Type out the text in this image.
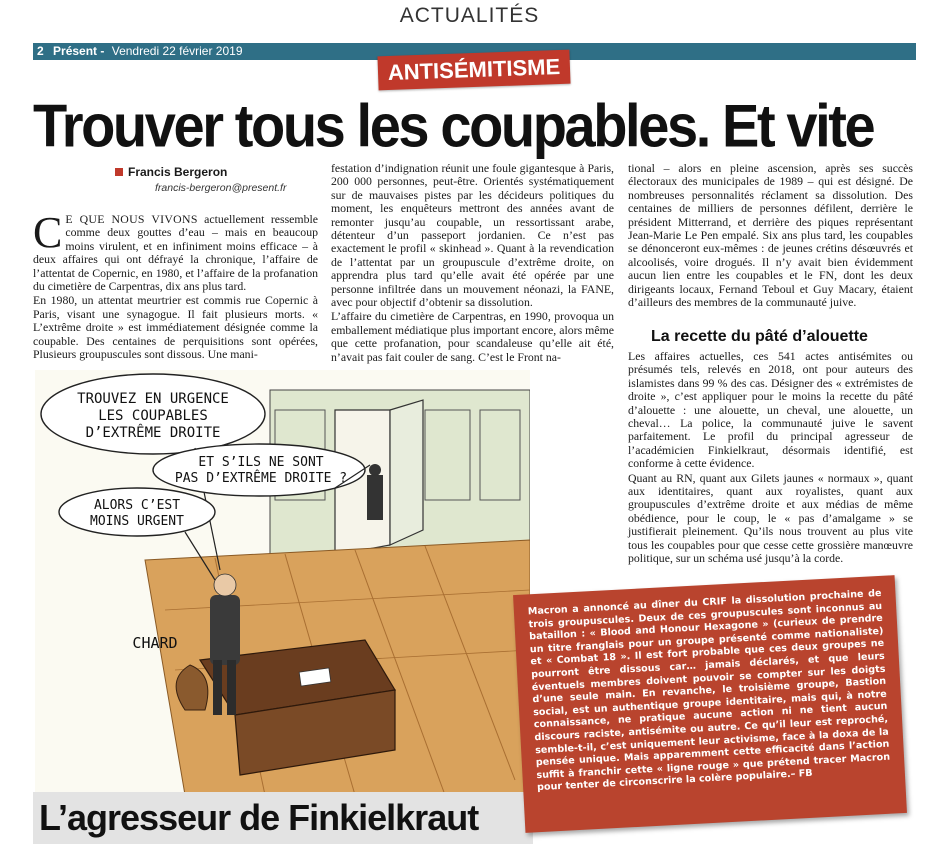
ACTUALITÉS
2 Présent - Vendredi 22 février 2019
ANTISÉMITISME
Trouver tous les coupables. Et vite
Francis Bergeron
francis-bergeron@present.fr

C E QUE NOUS VIVONS actuellement ressemble comme deux gouttes d’eau – mais en beaucoup moins virulent, et en infiniment moins efficace – à deux affaires qui ont défrayé la chronique, l’affaire de l’attentat de Copernic, en 1980, et l’affaire de la profanation du cimetière de Carpentras, dix ans plus tard.

En 1980, un attentat meurtrier est commis rue Copernic à Paris, visant une synagogue. Il fait plusieurs morts. « L’extrême droite » est immédiatement désignée comme la coupable. Des centaines de perquisitions sont opérées, Plusieurs groupuscules sont dissous. Une mani-

festation d’indignation réunit une foule gigantesque à Paris, 200 000 personnes, peut-être. Orientés systématiquement sur de mauvaises pistes par les décideurs politiques du moment, les enquêteurs mettront des années avant de remonter jusqu’au coupable, un ressortissant arabe, détenteur d’un passeport jordanien. Ce n’est pas exactement le profil « skinhead ». Quant à la revendication de l’attentat par un groupuscule d’extrême droite, on apprendra plus tard qu’elle avait été opérée par une personne infiltrée dans un mouvement néonazi, la FANE, avec pour objectif d’obtenir sa dissolution.

L’affaire du cimetière de Carpentras, en 1990, provoqua un emballement médiatique plus important encore, alors même que cette profanation, pour scandaleuse qu’elle ait été, n’avait pas fait couler de sang. C’est le Front na-

tional – alors en pleine ascension, après ses succès électoraux des municipales de 1989 – qui est désigné. De nombreuses personnalités réclament sa dissolution. Des centaines de milliers de personnes défilent, derrière le président Mitterrand, et derrière des piques représentant Jean-Marie Le Pen empalé. Six ans plus tard, les coupables se dénonceront eux-mêmes : de jeunes crétins désœuvrés et alcoolisés, voire drogués. Il n’y avait bien évidemment aucun lien entre les coupables et le FN, dont les deux dirigeants locaux, Fernand Teboul et Guy Macary, étaient d’ailleurs des membres de la communauté juive.

La recette du pâté d’alouette

Les affaires actuelles, ces 541 actes antisémites ou présumés tels, relevés en 2018, ont pour auteurs des islamistes dans 99 % des cas. Désigner des « extrémistes de droite », c’est appliquer pour le moins la recette du pâté d’alouette : une alouette, un cheval, une alouette, un cheval… La police, la communauté juive le savent parfaitement. Le profil du principal agresseur de l’académicien Finkielkraut, désormais identifié, est conforme à cette évidence.

Quant au RN, quant aux Gilets jaunes « normaux », quant aux identitaires, quant aux royalistes, quant aux groupuscules d’extrême droite et aux médias de même obédience, pour le coup, le « pas d’amalgame » se justifierait pleinement. Qu’ils nous trouvent au plus vite tous les coupables pour que cesse cette grossière manœuvre politique, sur un schéma usé jusqu’à la corde.

TROUVEZ EN URGENCE
LES COUPABLES
D’EXTRÊME DROITE
ET S’ILS NE SONT
PAS D’EXTRÊME DROITE ?
ALORS C’EST
MOINS URGENT
CHARD
L’agresseur de Finkielkraut
Macron a annoncé au dîner du CRIF la dissolution prochaine de trois groupuscules. Deux de ces groupuscules sont inconnus au bataillon : « Blood and Honour Hexagone » (curieux de prendre un titre franglais pour un groupe présenté comme nationaliste) et « Combat 18 ». Il est fort probable que ces deux groupes ne pourront être dissous car… jamais déclarés, et que leurs éventuels membres doivent pouvoir se compter sur les doigts d’une seule main. En revanche, le troisième groupe, Bastion social, est un authentique groupe identitaire, mais qui, à notre connaissance, ne pratique aucune action ni ne tient aucun discours raciste, antisémite ou autre. Ce qu’il leur est reproché, semble-t-il, c’est uniquement leur activisme, face à la doxa de la pensée unique. Mais apparemment cette efficacité dans l’action suffit à franchir cette « ligne rouge » que prétend tracer Macron pour tenter de circonscrire la colère populaire.– FB
